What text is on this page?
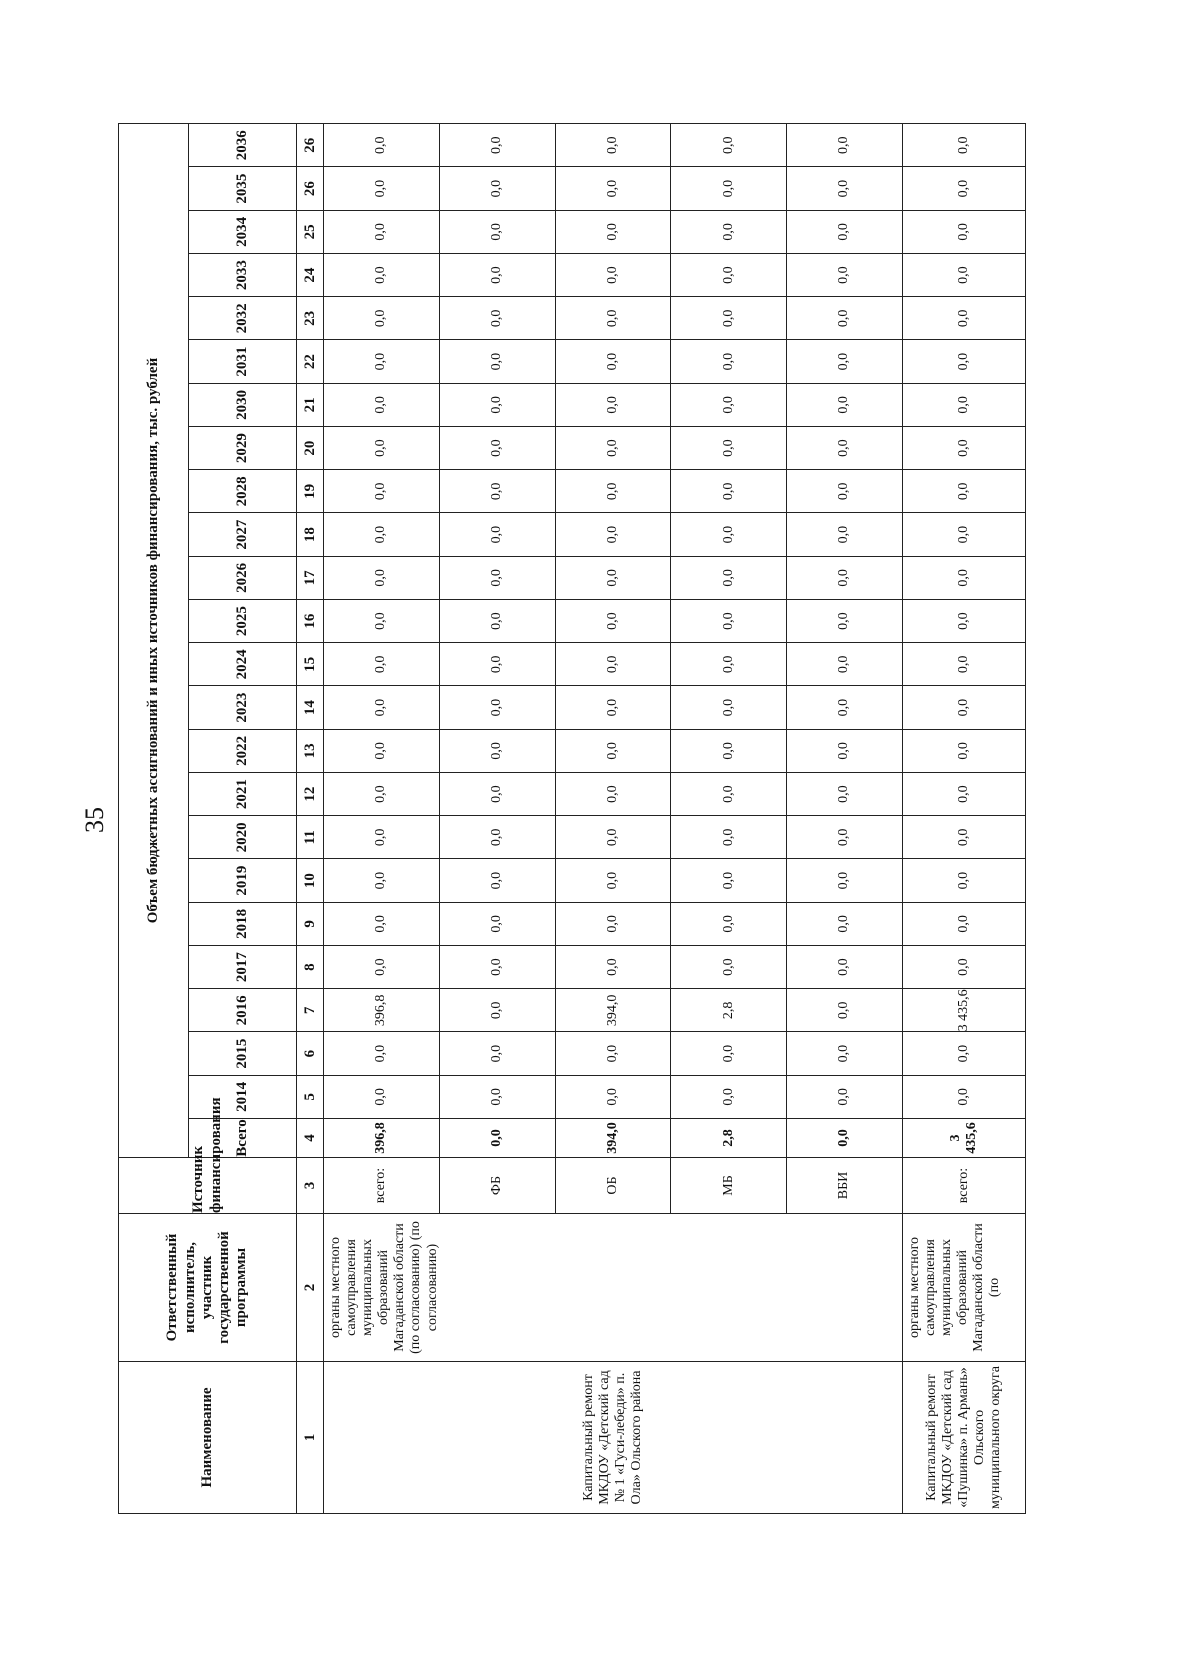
35
Наименование	Ответственный исполнитель, участник государственной программы	Источник финансирования	Объем бюджетных ассигнований и иных источников финансирования, тыс. рублей																							
			Всего	2014	2015	2016	2017	2018	2019	2020	2021	2022	2023	2024	2025	2026	2027	2028	2029	2030	2031	2032	2033	2034	2035	2036
1	2	3	4	5	6	7	8	9	10	11	12	13	14	15	16	17	18	19	20	21	22	23	24	25	26	26
Капитальный ремонт МКДОУ «Детский сад № 1 «Гуси-лебеди» п. Ола» Ольского района	органы местного самоуправления муниципальных образований Магаданской области (по согласованию) (по согласованию)	всего:	396,8	0,0	0,0	396,8	0,0	0,0	0,0	0,0	0,0	0,0	0,0	0,0	0,0	0,0	0,0	0,0	0,0	0,0	0,0	0,0	0,0	0,0	0,0	0,0
		ФБ	0,0	0,0	0,0	0,0	0,0	0,0	0,0	0,0	0,0	0,0	0,0	0,0	0,0	0,0	0,0	0,0	0,0	0,0	0,0	0,0	0,0	0,0	0,0	0,0
		ОБ	394,0	0,0	0,0	394,0	0,0	0,0	0,0	0,0	0,0	0,0	0,0	0,0	0,0	0,0	0,0	0,0	0,0	0,0	0,0	0,0	0,0	0,0	0,0	0,0
		МБ	2,8	0,0	0,0	2,8	0,0	0,0	0,0	0,0	0,0	0,0	0,0	0,0	0,0	0,0	0,0	0,0	0,0	0,0	0,0	0,0	0,0	0,0	0,0	0,0
		ВБИ	0,0	0,0	0,0	0,0	0,0	0,0	0,0	0,0	0,0	0,0	0,0	0,0	0,0	0,0	0,0	0,0	0,0	0,0	0,0	0,0	0,0	0,0	0,0	0,0
Капитальный ремонт МКДОУ «Детский сад «Пушинка» п. Армань» Ольского муниципального округа	органы местного самоуправления муниципальных образований Магаданской области (по	всего:	3 435,6	0,0	0,0	3 435,6	0,0	0,0	0,0	0,0	0,0	0,0	0,0	0,0	0,0	0,0	0,0	0,0	0,0	0,0	0,0	0,0	0,0	0,0	0,0	0,0
